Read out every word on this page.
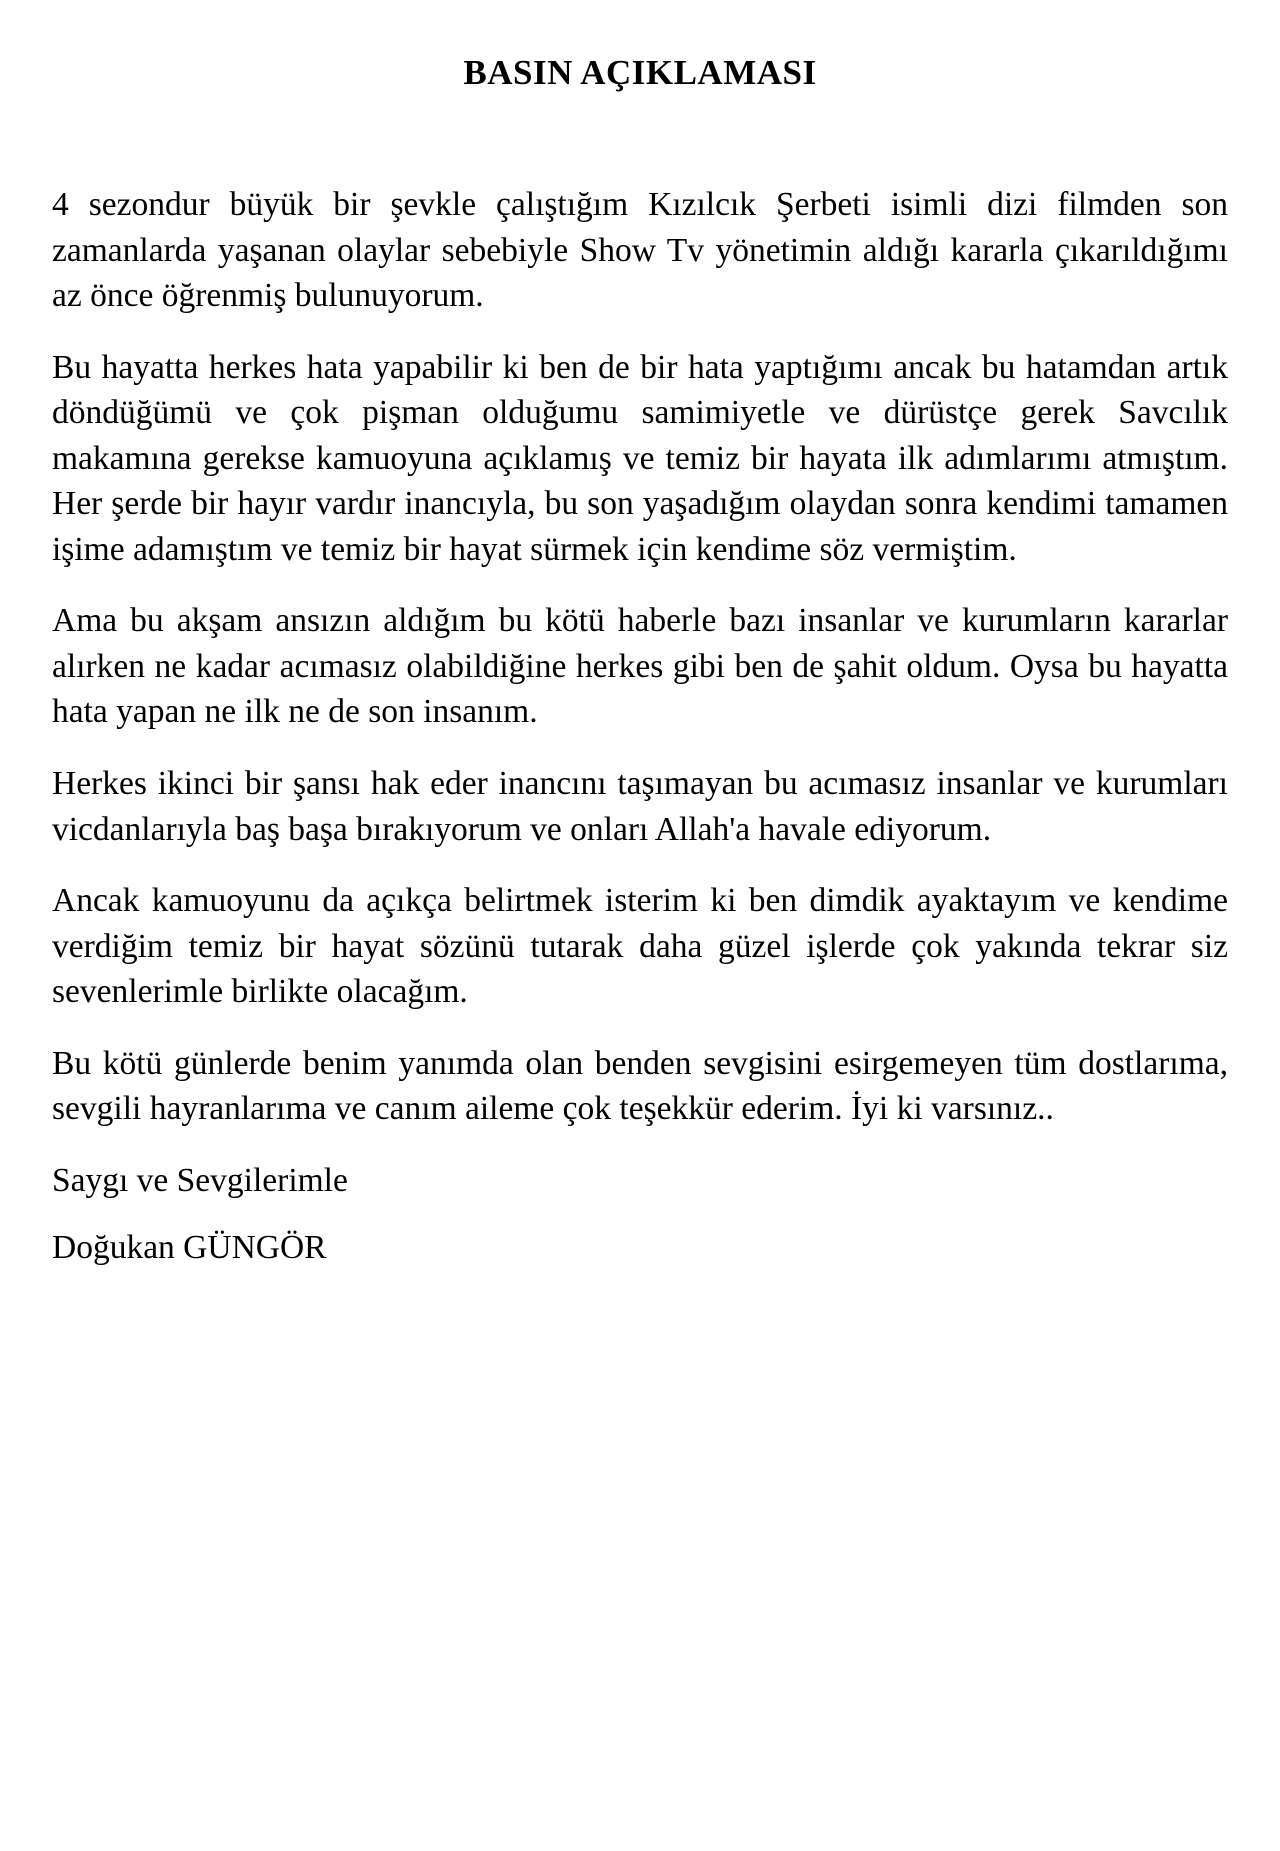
BASIN AÇIKLAMASI

4 sezondur büyük bir şevkle çalıştığım Kızılcık Şerbeti isimli dizi filmden son zamanlarda yaşanan olaylar sebebiyle Show Tv yönetimin aldığı kararla çıkarıldığımı az önce öğrenmiş bulunuyorum.

Bu hayatta herkes hata yapabilir ki ben de bir hata yaptığımı ancak bu hatamdan artık döndüğümü ve çok pişman olduğumu samimiyetle ve dürüstçe gerek Savcılık makamına gerekse kamuoyuna açıklamış ve temiz bir hayata ilk adımlarımı atmıştım. Her şerde bir hayır vardır inancıyla, bu son yaşadığım olaydan sonra kendimi tamamen işime adamıştım ve temiz bir hayat sürmek için kendime söz vermiştim.

Ama bu akşam ansızın aldığım bu kötü haberle bazı insanlar ve kurumların kararlar alırken ne kadar acımasız olabildiğine herkes gibi ben de şahit oldum. Oysa bu hayatta hata yapan ne ilk ne de son insanım.

Herkes ikinci bir şansı hak eder inancını taşımayan bu acımasız insanlar ve kurumları vicdanlarıyla baş başa bırakıyorum ve onları Allah'a havale ediyorum.

Ancak kamuoyunu da açıkça belirtmek isterim ki ben dimdik ayaktayım ve kendime verdiğim temiz bir hayat sözünü tutarak daha güzel işlerde çok yakında tekrar siz sevenlerimle birlikte olacağım.

Bu kötü günlerde benim yanımda olan benden sevgisini esirgemeyen tüm dostlarıma, sevgili hayranlarıma ve canım aileme çok teşekkür ederim. İyi ki varsınız..

Saygı ve Sevgilerimle

Doğukan GÜNGÖR
